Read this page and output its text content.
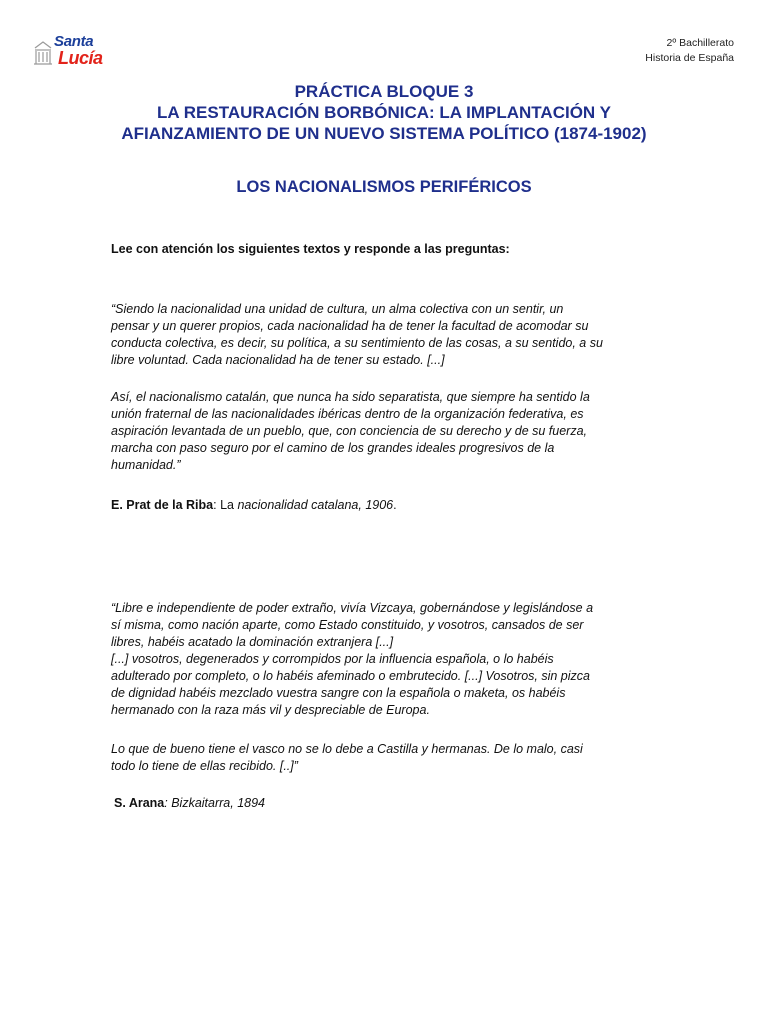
Santa
Lucía
2º Bachillerato
Historia de España
PRÁCTICA BLOQUE 3
LA RESTAURACIÓN BORBÓNICA: LA IMPLANTACIÓN Y
AFIANZAMIENTO DE UN NUEVO SISTEMA POLÍTICO (1874-1902)
LOS NACIONALISMOS PERIFÉRICOS
Lee con atención los siguientes textos y responde a las preguntas:
“Siendo la nacionalidad una unidad de cultura, un alma colectiva con un sentir, un
pensar y un querer propios, cada nacionalidad ha de tener la facultad de acomodar su
conducta colectiva, es decir, su política, a su sentimiento de las cosas, a su sentido, a su
libre voluntad. Cada nacionalidad ha de tener su estado. [...]
Así, el nacionalismo catalán, que nunca ha sido separatista, que siempre ha sentido la
unión fraternal de las nacionalidades ibéricas dentro de la organización federativa, es
aspiración levantada de un pueblo, que, con conciencia de su derecho y de su fuerza,
marcha con paso seguro por el camino de los grandes ideales progresivos de la
humanidad.”
E. Prat de la Riba: La nacionalidad catalana, 1906.
“Libre e independiente de poder extraño, vivía Vizcaya, gobernándose y legislándose a
sí misma, como nación aparte, como Estado constituido, y vosotros, cansados de ser
libres, habéis acatado la dominación extranjera [...]
[...] vosotros, degenerados y corrompidos por la influencia española, o lo habéis
adulterado por completo, o lo habéis afeminado o embrutecido. [...] Vosotros, sin pizca
de dignidad habéis mezclado vuestra sangre con la española o maketa, os habéis
hermanado con la raza más vil y despreciable de Europa.
Lo que de bueno tiene el vasco no se lo debe a Castilla y hermanas. De lo malo, casi
todo lo tiene de ellas recibido. [..]”
S. Arana: Bizkaitarra, 1894
